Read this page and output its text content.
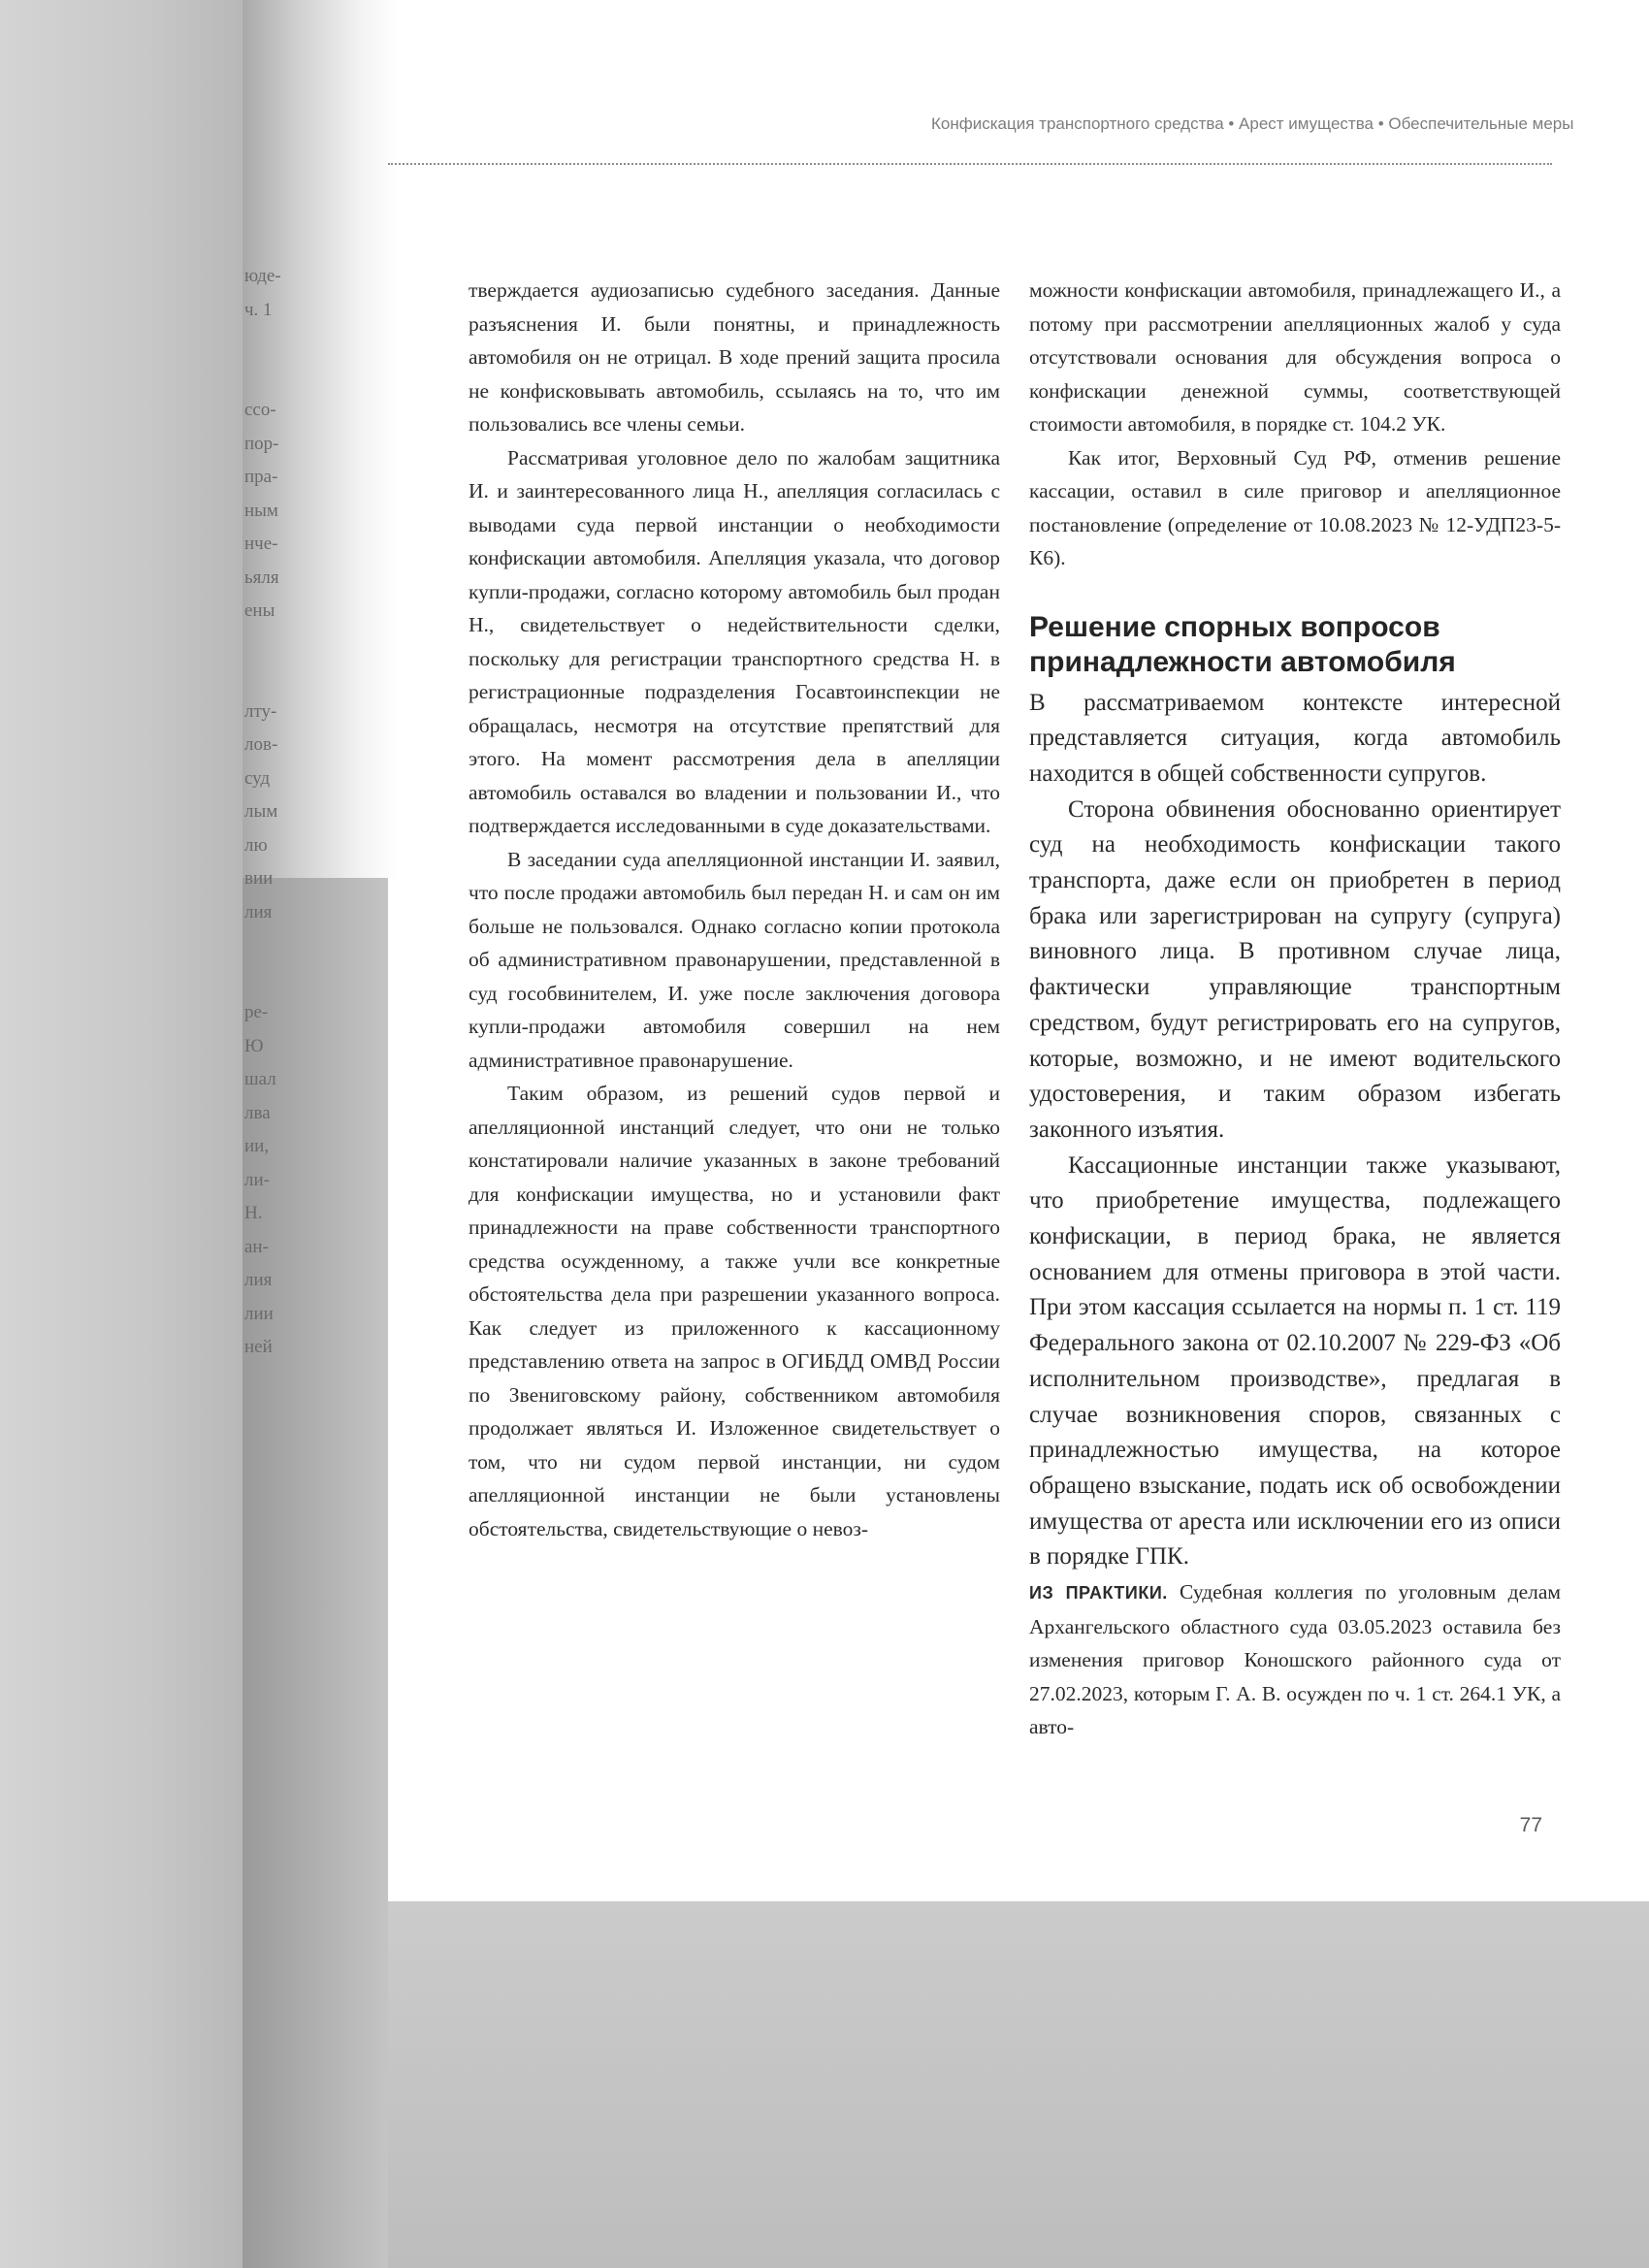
юде-
ч. 1
ссо-
пор-
пра-
ным
нче-
ьяля
ены
лту-
лов-
суд
лым
лю
вии
лия
ре-
Ю
шал
лва
ии,
ли-
Н.
ан-
лия
лии
ней
Конфискация транспортного средства • Арест имущества • Обеспечительные меры

тверждается аудиозаписью судебного заседания. Данные разъяснения И. были понятны, и принадлежность автомобиля он не отрицал. В ходе прений защита просила не конфисковывать автомобиль, ссылаясь на то, что им пользовались все члены семьи.

Рассматривая уголовное дело по жалобам защитника И. и заинтересованного лица Н., апелляция согласилась с выводами суда первой инстанции о необходимости конфискации автомобиля. Апелляция указала, что договор купли-продажи, согласно которому автомобиль был продан Н., свидетельствует о недействительности сделки, поскольку для регистрации транспортного средства Н. в регистрационные подразделения Госавтоинспекции не обращалась, несмотря на отсутствие препятствий для этого. На момент рассмотрения дела в апелляции автомобиль оставался во владении и пользовании И., что подтверждается исследованными в суде доказательствами.

В заседании суда апелляционной инстанции И. заявил, что после продажи автомобиль был передан Н. и сам он им больше не пользовался. Однако согласно копии протокола об административном правонарушении, представленной в суд гособвинителем, И. уже после заключения договора купли-продажи автомобиля совершил на нем административное правонарушение.

Таким образом, из решений судов первой и апелляционной инстанций следует, что они не только констатировали наличие указанных в законе требований для конфискации имущества, но и установили факт принадлежности на праве собственности транспортного средства осужденному, а также учли все конкретные обстоятельства дела при разрешении указанного вопроса. Как следует из приложенного к кассационному представлению ответа на запрос в ОГИБДД ОМВД России по Звениговскому району, собственником автомобиля продолжает являться И. Изложенное свидетельствует о том, что ни судом первой инстанции, ни судом апелляционной инстанции не были установлены обстоятельства, свидетельствующие о невоз-

можности конфискации автомобиля, принадлежащего И., а потому при рассмотрении апелляционных жалоб у суда отсутствовали основания для обсуждения вопроса о конфискации денежной суммы, соответствующей стоимости автомобиля, в порядке ст. 104.2 УК.

Как итог, Верховный Суд РФ, отменив решение кассации, оставил в силе приговор и апелляционное постановление (определение от 10.08.2023 № 12-УДП23-5-К6).

Решение спорных вопросов принадлежности автомобиля

В рассматриваемом контексте интересной представляется ситуация, когда автомобиль находится в общей собственности супругов.

Сторона обвинения обоснованно ориентирует суд на необходимость конфискации такого транспорта, даже если он приобретен в период брака или зарегистрирован на супругу (супруга) виновного лица. В противном случае лица, фактически управляющие транспортным средством, будут регистрировать его на супругов, которые, возможно, и не имеют водительского удостоверения, и таким образом избегать законного изъятия.

Кассационные инстанции также указывают, что приобретение имущества, подлежащего конфискации, в период брака, не является основанием для отмены приговора в этой части. При этом кассация ссылается на нормы п. 1 ст. 119 Федерального закона от 02.10.2007 № 229-ФЗ «Об исполнительном производстве», предлагая в случае возникновения споров, связанных с принадлежностью имущества, на которое обращено взыскание, подать иск об освобождении имущества от ареста или исключении его из описи в порядке ГПК.

ИЗ ПРАКТИКИ. Судебная коллегия по уголовным делам Архангельского областного суда 03.05.2023 оставила без изменения приговор Коношского районного суда от 27.02.2023, которым Г. А. В. осужден по ч. 1 ст. 264.1 УК, а авто-

77
